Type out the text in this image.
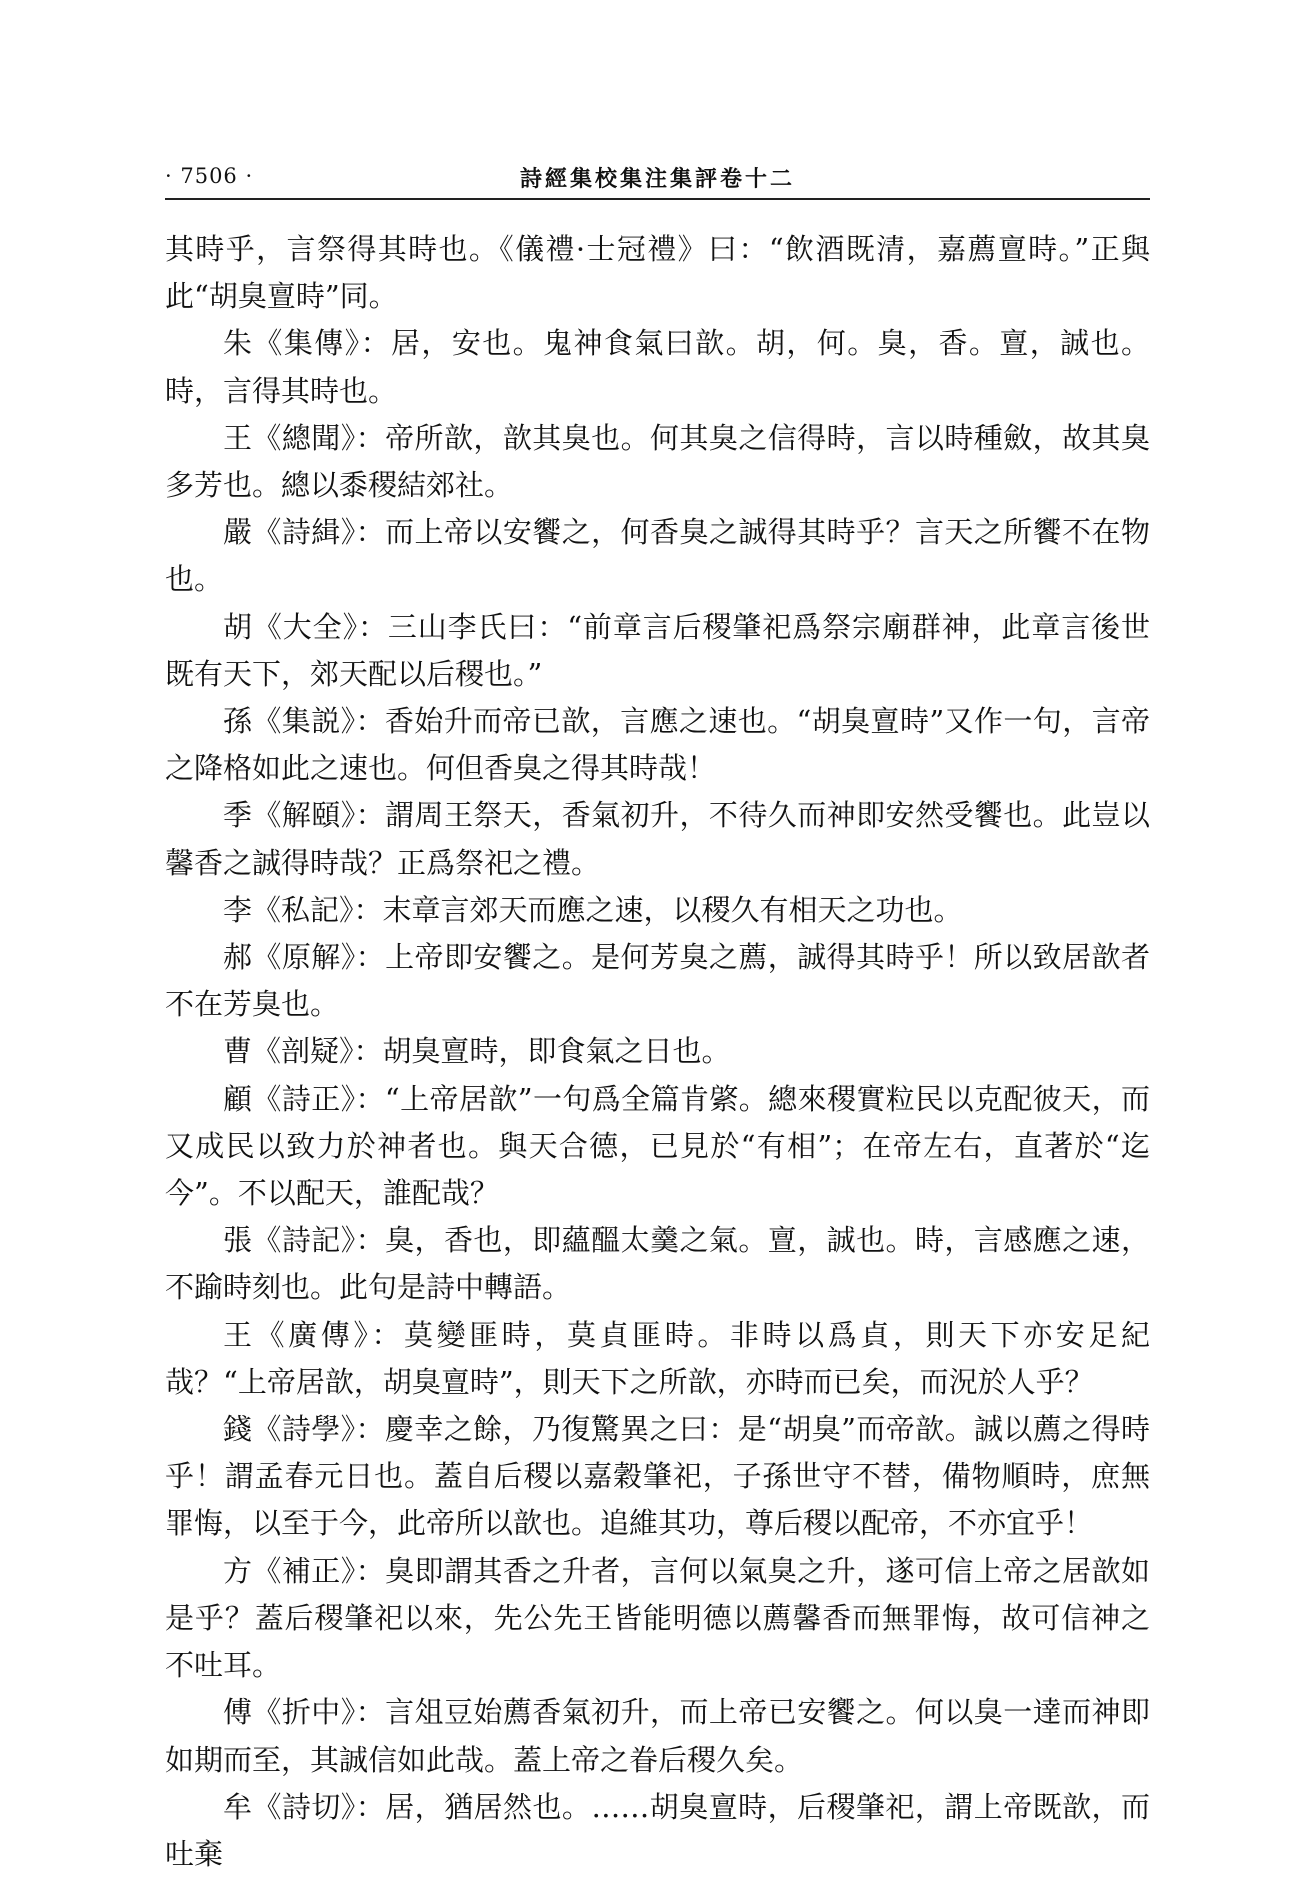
· 7506 ·	詩經集校集注集評卷十二

其時乎，言祭得其時也。《儀禮·士冠禮》曰：“飲酒既清，嘉薦亶時。”正與此“胡臭亶時”同。

朱《集傳》：居，安也。鬼神食氣曰歆。胡，何。臭，香。亶，誠也。時，言得其時也。

王《總聞》：帝所歆，歆其臭也。何其臭之信得時，言以時種斂，故其臭多芳也。總以黍稷結郊社。

嚴《詩緝》：而上帝以安饗之，何香臭之誠得其時乎？言天之所饗不在物也。

胡《大全》：三山李氏曰：“前章言后稷肇祀爲祭宗廟群神，此章言後世既有天下，郊天配以后稷也。”

孫《集説》：香始升而帝已歆，言應之速也。“胡臭亶時”又作一句，言帝之降格如此之速也。何但香臭之得其時哉！

季《解頤》：謂周王祭天，香氣初升，不待久而神即安然受饗也。此豈以馨香之誠得時哉？正爲祭祀之禮。

李《私記》：末章言郊天而應之速，以稷久有相天之功也。

郝《原解》：上帝即安饗之。是何芳臭之薦，誠得其時乎！所以致居歆者不在芳臭也。

曹《剖疑》：胡臭亶時，即食氣之日也。

顧《詩正》：“上帝居歆”一句爲全篇肯綮。總來稷實粒民以克配彼天，而又成民以致力於神者也。與天合德，已見於“有相”；在帝左右，直著於“迄今”。不以配天，誰配哉？

張《詩記》：臭，香也，即蘊醞太羹之氣。亶，誠也。時，言感應之速，不踰時刻也。此句是詩中轉語。

王《廣傳》：莫變匪時，莫貞匪時。非時以爲貞，則天下亦安足紀哉？“上帝居歆，胡臭亶時”，則天下之所歆，亦時而已矣，而況於人乎？

錢《詩學》：慶幸之餘，乃復驚異之曰：是“胡臭”而帝歆。誠以薦之得時乎！謂孟春元日也。蓋自后稷以嘉穀肇祀，子孫世守不替，備物順時，庶無罪悔，以至于今，此帝所以歆也。追維其功，尊后稷以配帝，不亦宜乎！

方《補正》：臭即謂其香之升者，言何以氣臭之升，遂可信上帝之居歆如是乎？蓋后稷肇祀以來，先公先王皆能明德以薦馨香而無罪悔，故可信神之不吐耳。

傅《折中》：言俎豆始薦香氣初升，而上帝已安饗之。何以臭一達而神即如期而至，其誠信如此哉。蓋上帝之眷后稷久矣。

牟《詩切》：居，猶居然也。……胡臭亶時，后稷肇祀，謂上帝既歆，而吐棄
